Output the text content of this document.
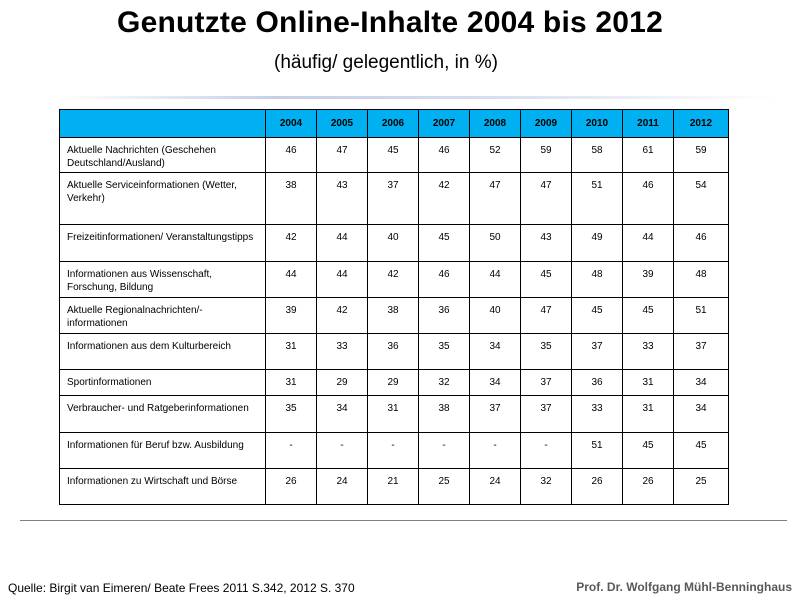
Genutzte Online-Inhalte 2004 bis 2012
(häufig/ gelegentlich, in %)
	2004	2005	2006	2007	2008	2009	2010	2011	2012
Aktuelle Nachrichten (Geschehen Deutschland/Ausland)	46	47	45	46	52	59	58	61	59
Aktuelle Serviceinformationen (Wetter, Verkehr)	38	43	37	42	47	47	51	46	54
Freizeitinformationen/ Veranstaltungstipps	42	44	40	45	50	43	49	44	46
Informationen aus Wissenschaft, Forschung, Bildung	44	44	42	46	44	45	48	39	48
Aktuelle Regionalnachrichten/-informationen	39	42	38	36	40	47	45	45	51
Informationen aus dem Kulturbereich	31	33	36	35	34	35	37	33	37
Sportinformationen	31	29	29	32	34	37	36	31	34
Verbraucher- und Ratgeberinformationen	35	34	31	38	37	37	33	31	34
Informationen für Beruf bzw. Ausbildung	-	-	-	-	-	-	51	45	45
Informationen zu Wirtschaft und Börse	26	24	21	25	24	32	26	26	25
Quelle: Birgit van Eimeren/ Beate Frees 2011 S.342, 2012 S. 370	Prof. Dr. Wolfgang Mühl-Benninghaus
